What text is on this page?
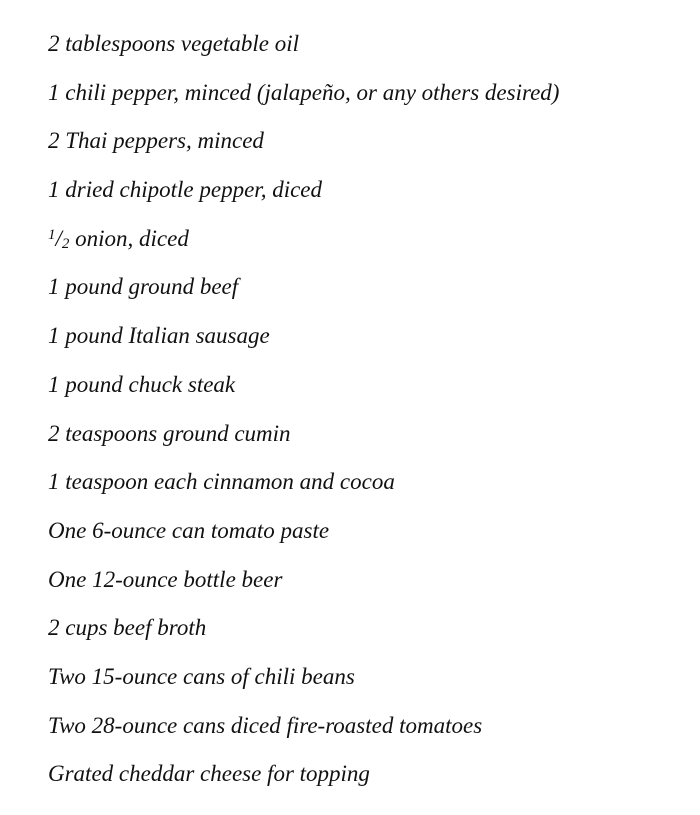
2 tablespoons vegetable oil
1 chili pepper, minced (jalapeño, or any others desired)
2 Thai peppers, minced
1 dried chipotle pepper, diced
$^1$/2 onion, diced
1 pound ground beef
1 pound Italian sausage
1 pound chuck steak
2 teaspoons ground cumin
1 teaspoon each cinnamon and cocoa
One 6-ounce can tomato paste
One 12-ounce bottle beer
2 cups beef broth
Two 15-ounce cans of chili beans
Two 28-ounce cans diced fire-roasted tomatoes
Grated cheddar cheese for topping
